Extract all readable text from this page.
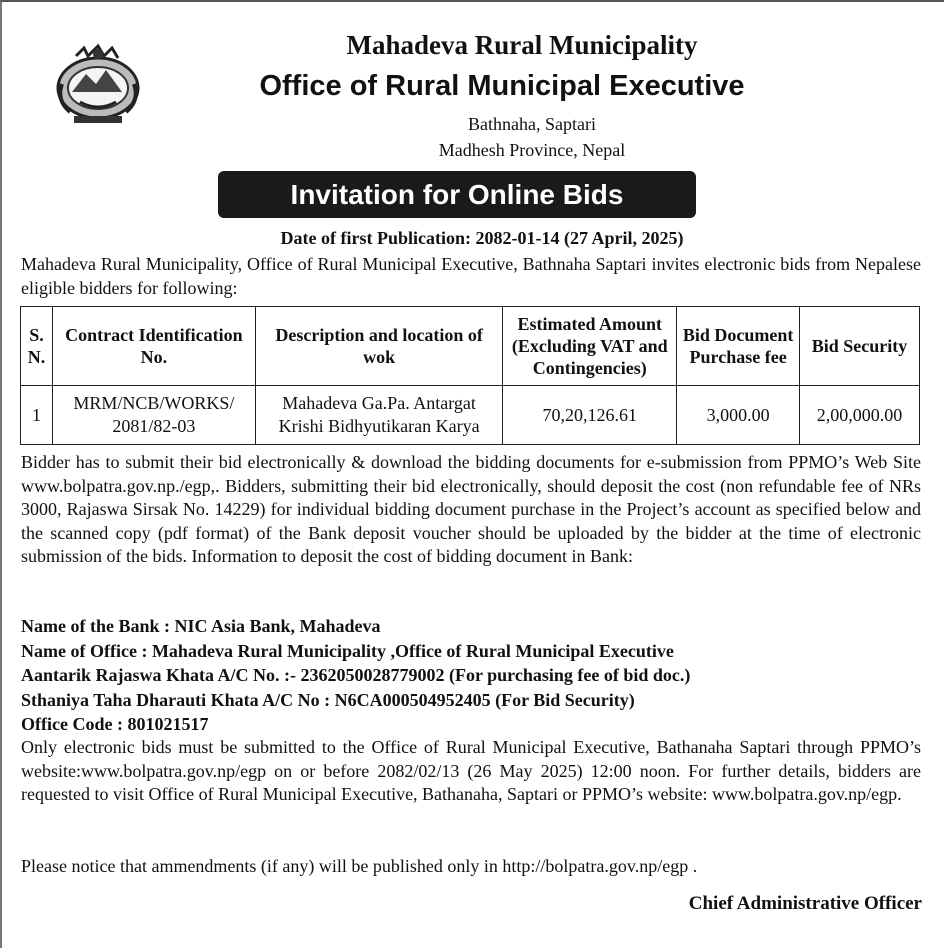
Mahadeva Rural Municipality
Office of Rural Municipal Executive
Bathnaha, Saptari
Madhesh Province, Nepal
Invitation for Online Bids
Date of first Publication: 2082-01-14 (27 April, 2025)
Mahadeva Rural Municipality, Office of Rural Municipal Executive, Bathnaha Saptari invites electronic bids from Nepalese eligible bidders for following:
S. N.	Contract Identification No.	Description and location of wok	Estimated Amount (Excluding VAT and Contingencies)	Bid Document Purchase fee	Bid Security
1	MRM/NCB/WORKS/ 2081/82-03	Mahadeva Ga.Pa. Antargat Krishi Bidhyutikaran Karya	70,20,126.61	3,000.00	2,00,000.00
Bidder has to submit their bid electronically & download the bidding documents for e-submission from PPMO’s Web Site www.bolpatra.gov.np./egp,. Bidders, submitting their bid electronically, should deposit the cost (non refundable fee of NRs 3000, Rajaswa Sirsak No. 14229) for individual bidding document purchase in the Project’s account as specified below and the scanned copy (pdf format) of the Bank deposit voucher should be uploaded by the bidder at the time of electronic submission of the bids. Information to deposit the cost of bidding document in Bank:
Name of the Bank : NIC Asia Bank, Mahadeva
Name of Office : Mahadeva Rural Municipality ,Office of Rural Municipal Executive
Aantarik Rajaswa Khata A/C No. :- 2362050028779002 (For purchasing fee of bid doc.)
Sthaniya Taha Dharauti Khata A/C No : N6CA000504952405 (For Bid Security)
Office Code : 801021517
Only electronic bids must be submitted to the Office of Rural Municipal Executive, Bathanaha Saptari through PPMO’s website:www.bolpatra.gov.np/egp on or before 2082/02/13 (26 May 2025) 12:00 noon. For further details, bidders are requested to visit Office of Rural Municipal Executive, Bathanaha, Saptari or PPMO’s website: www.bolpatra.gov.np/egp.
Please notice that ammendments (if any) will be published only in http://bolpatra.gov.np/egp .
Chief Administrative Officer
